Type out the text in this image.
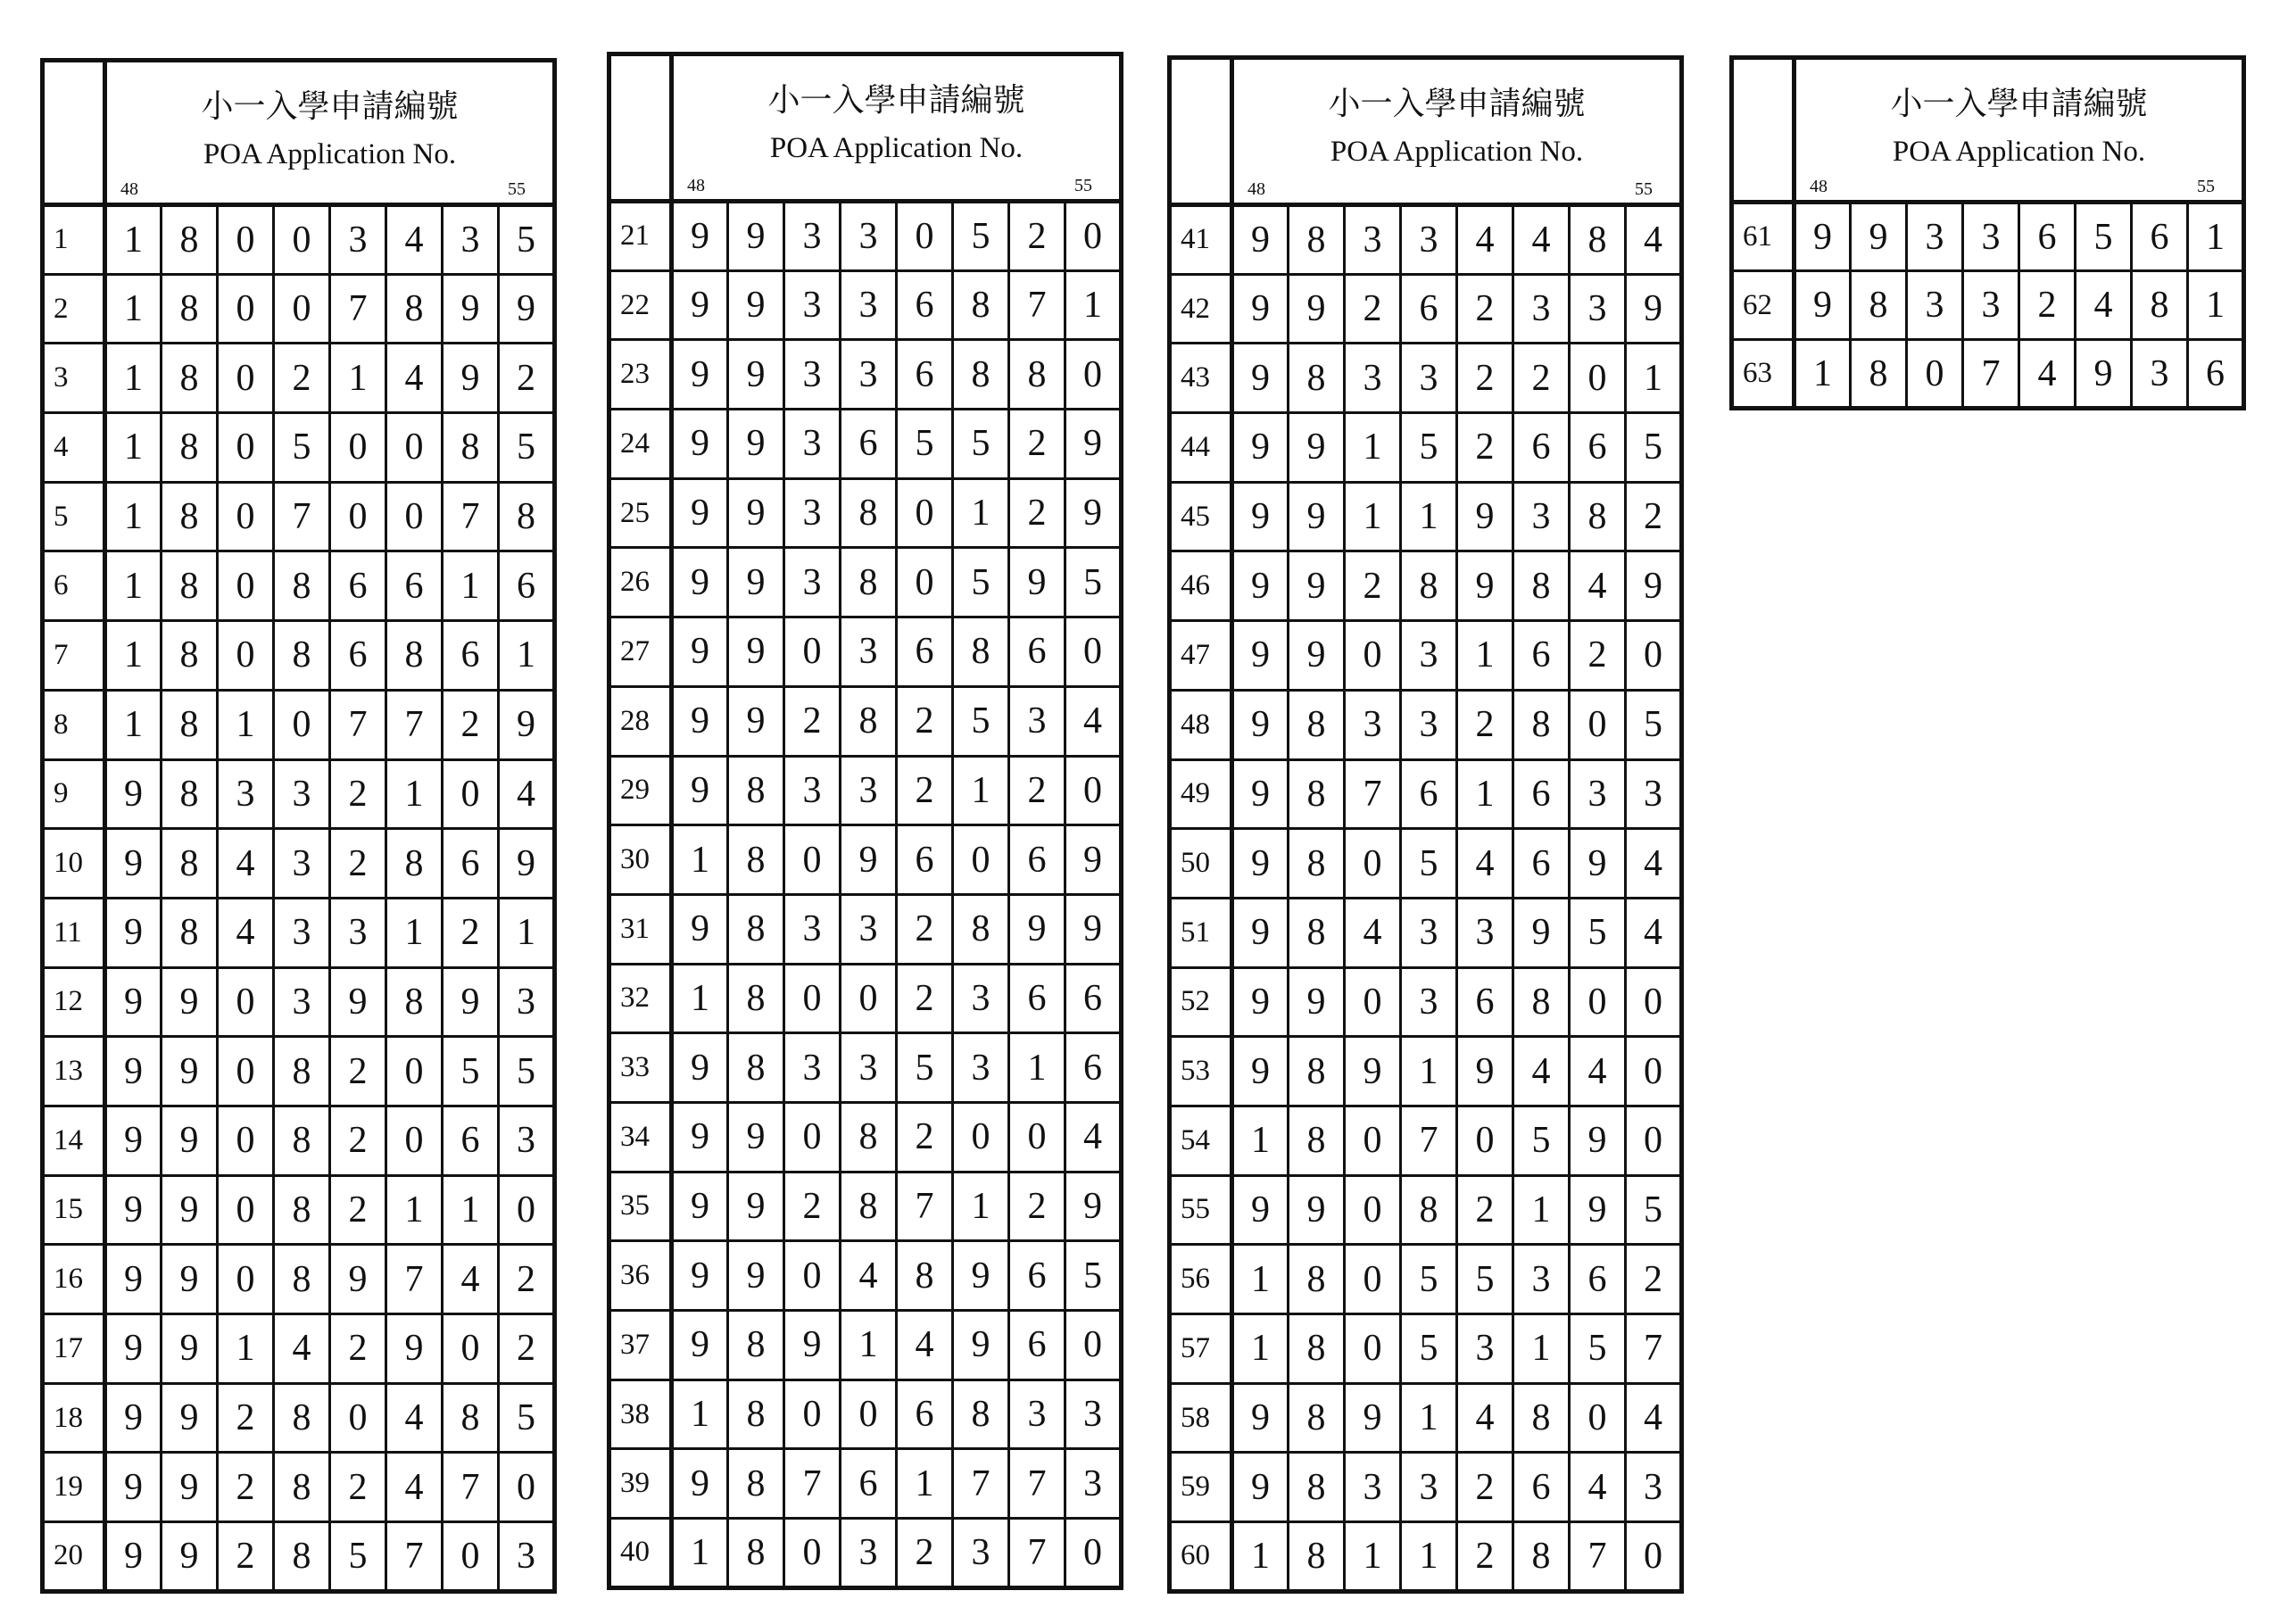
	小一入學申請編號
POA Application No.
48 55							

1	1	8	0	0	3	4	3	5
2	1	8	0	0	7	8	9	9
3	1	8	0	2	1	4	9	2
4	1	8	0	5	0	0	8	5
5	1	8	0	7	0	0	7	8
6	1	8	0	8	6	6	1	6
7	1	8	0	8	6	8	6	1
8	1	8	1	0	7	7	2	9
9	9	8	3	3	2	1	0	4
10	9	8	4	3	2	8	6	9
11	9	8	4	3	3	1	2	1
12	9	9	0	3	9	8	9	3
13	9	9	0	8	2	0	5	5
14	9	9	0	8	2	0	6	3
15	9	9	0	8	2	1	1	0
16	9	9	0	8	9	7	4	2
17	9	9	1	4	2	9	0	2
18	9	9	2	8	0	4	8	5
19	9	9	2	8	2	4	7	0
20	9	9	2	8	5	7	0	3

	小一入學申請編號
POA Application No.
48 55							

21	9	9	3	3	0	5	2	0
22	9	9	3	3	6	8	7	1
23	9	9	3	3	6	8	8	0
24	9	9	3	6	5	5	2	9
25	9	9	3	8	0	1	2	9
26	9	9	3	8	0	5	9	5
27	9	9	0	3	6	8	6	0
28	9	9	2	8	2	5	3	4
29	9	8	3	3	2	1	2	0
30	1	8	0	9	6	0	6	9
31	9	8	3	3	2	8	9	9
32	1	8	0	0	2	3	6	6
33	9	8	3	3	5	3	1	6
34	9	9	0	8	2	0	0	4
35	9	9	2	8	7	1	2	9
36	9	9	0	4	8	9	6	5
37	9	8	9	1	4	9	6	0
38	1	8	0	0	6	8	3	3
39	9	8	7	6	1	7	7	3
40	1	8	0	3	2	3	7	0

	小一入學申請編號
POA Application No.
48 55							

41	9	8	3	3	4	4	8	4
42	9	9	2	6	2	3	3	9
43	9	8	3	3	2	2	0	1
44	9	9	1	5	2	6	6	5
45	9	9	1	1	9	3	8	2
46	9	9	2	8	9	8	4	9
47	9	9	0	3	1	6	2	0
48	9	8	3	3	2	8	0	5
49	9	8	7	6	1	6	3	3
50	9	8	0	5	4	6	9	4
51	9	8	4	3	3	9	5	4
52	9	9	0	3	6	8	0	0
53	9	8	9	1	9	4	4	0
54	1	8	0	7	0	5	9	0
55	9	9	0	8	2	1	9	5
56	1	8	0	5	5	3	6	2
57	1	8	0	5	3	1	5	7
58	9	8	9	1	4	8	0	4
59	9	8	3	3	2	6	4	3
60	1	8	1	1	2	8	7	0

	小一入學申請編號
POA Application No.
48 55							

61	9	9	3	3	6	5	6	1
62	9	8	3	3	2	4	8	1
63	1	8	0	7	4	9	3	6
